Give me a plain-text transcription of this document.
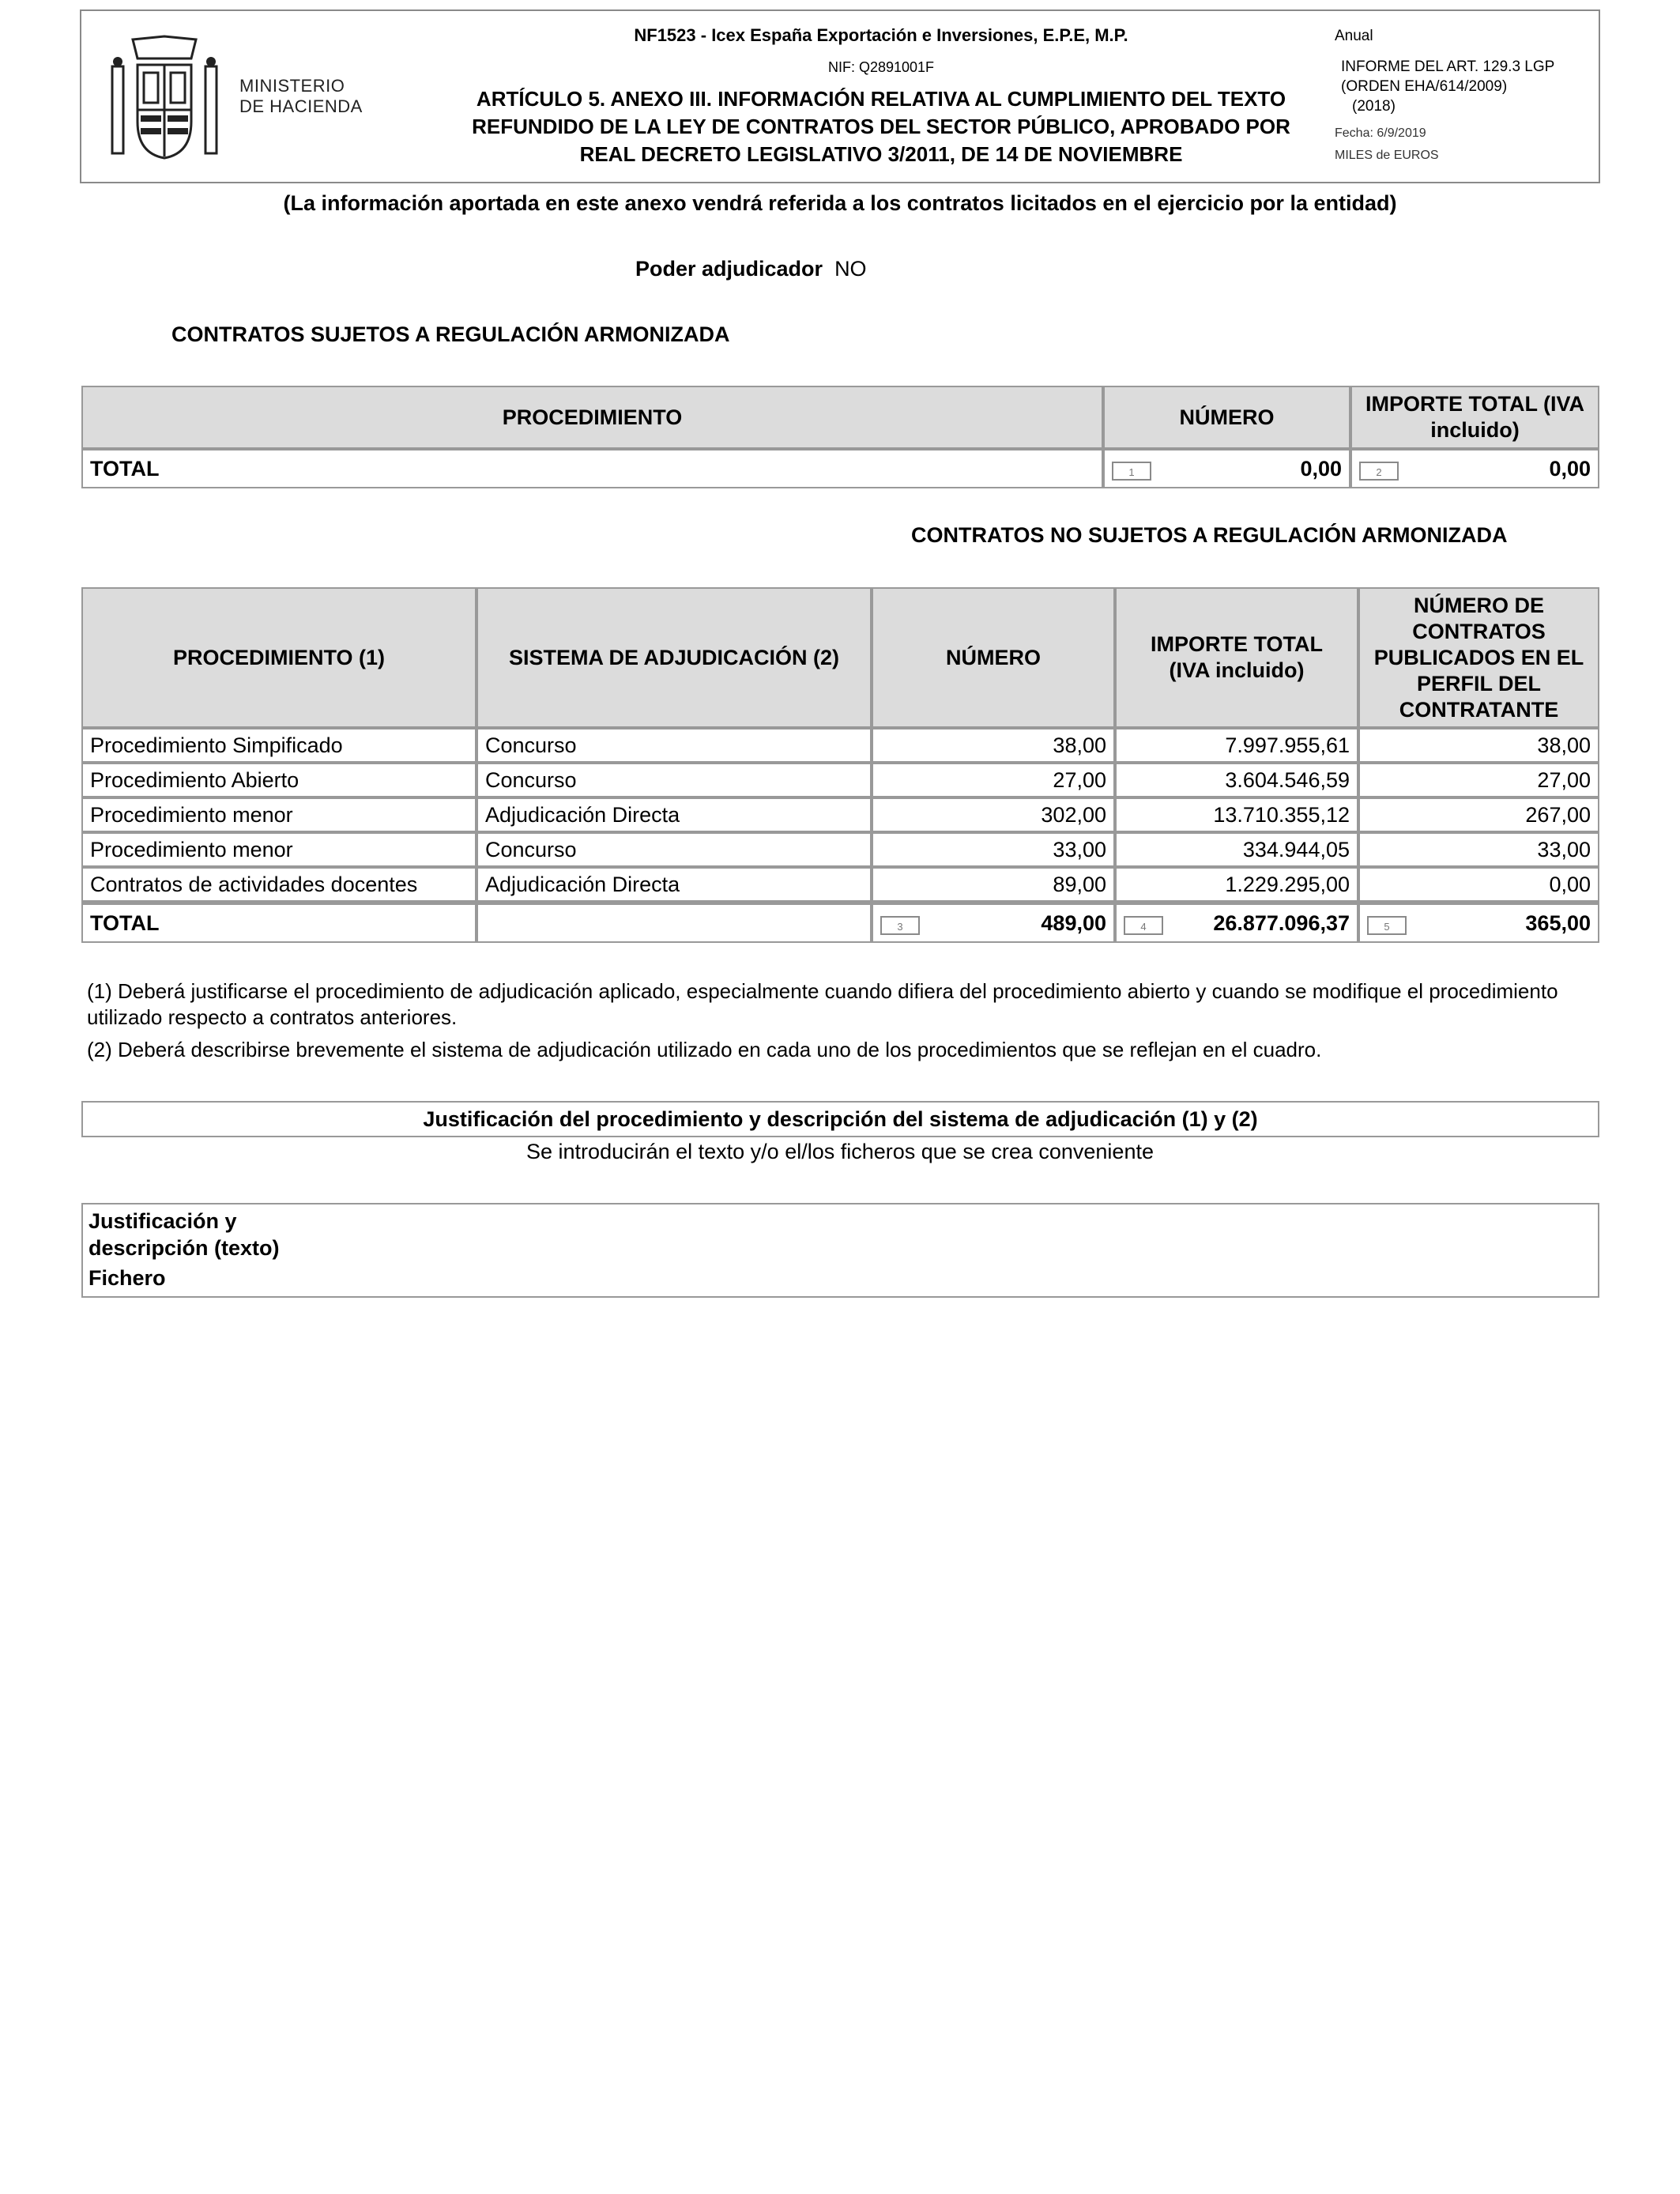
MINISTERIO
DE HACIENDA
NF1523 - Icex España Exportación e Inversiones, E.P.E, M.P.
NIF: Q2891001F
ARTÍCULO 5. ANEXO III. INFORMACIÓN RELATIVA AL CUMPLIMIENTO DEL TEXTO
REFUNDIDO DE LA LEY DE CONTRATOS DEL SECTOR PÚBLICO, APROBADO POR
REAL DECRETO LEGISLATIVO 3/2011, DE 14 DE NOVIEMBRE
Anual
INFORME DEL ART. 129.3 LGP
(ORDEN EHA/614/2009)
(2018)
Fecha: 6/9/2019
MILES de EUROS
(La información aportada en este anexo vendrá referida a los contratos licitados en el ejercicio por la entidad)
Poder adjudicador NO
CONTRATOS SUJETOS A REGULACIÓN ARMONIZADA
PROCEDIMIENTO	NÚMERO	IMPORTE TOTAL (IVA incluido)
TOTAL	1 0,00	2 0,00
CONTRATOS NO SUJETOS A REGULACIÓN ARMONIZADA
PROCEDIMIENTO (1)	SISTEMA DE ADJUDICACIÓN (2)	NÚMERO	IMPORTE TOTAL (IVA incluido)	NÚMERO DE CONTRATOS PUBLICADOS EN EL PERFIL DEL CONTRATANTE
Procedimiento Simpificado	Concurso	38,00	7.997.955,61	38,00
Procedimiento Abierto	Concurso	27,00	3.604.546,59	27,00
Procedimiento menor	Adjudicación Directa	302,00	13.710.355,12	267,00
Procedimiento menor	Concurso	33,00	334.944,05	33,00
Contratos de actividades docentes	Adjudicación Directa	89,00	1.229.295,00	0,00
TOTAL		3 489,00	4 26.877.096,37	5 365,00

(1) Deberá justificarse el procedimiento de adjudicación aplicado, especialmente cuando difiera del procedimiento abierto y cuando se modifique el procedimiento utilizado respecto a contratos anteriores.

(2) Deberá describirse brevemente el sistema de adjudicación utilizado en cada uno de los procedimientos que se reflejan en el cuadro.

Justificación del procedimiento y descripción del sistema de adjudicación (1) y (2)
Se introducirán el texto y/o el/los ficheros que se crea conveniente
Justificación y descripción (texto)
Fichero
